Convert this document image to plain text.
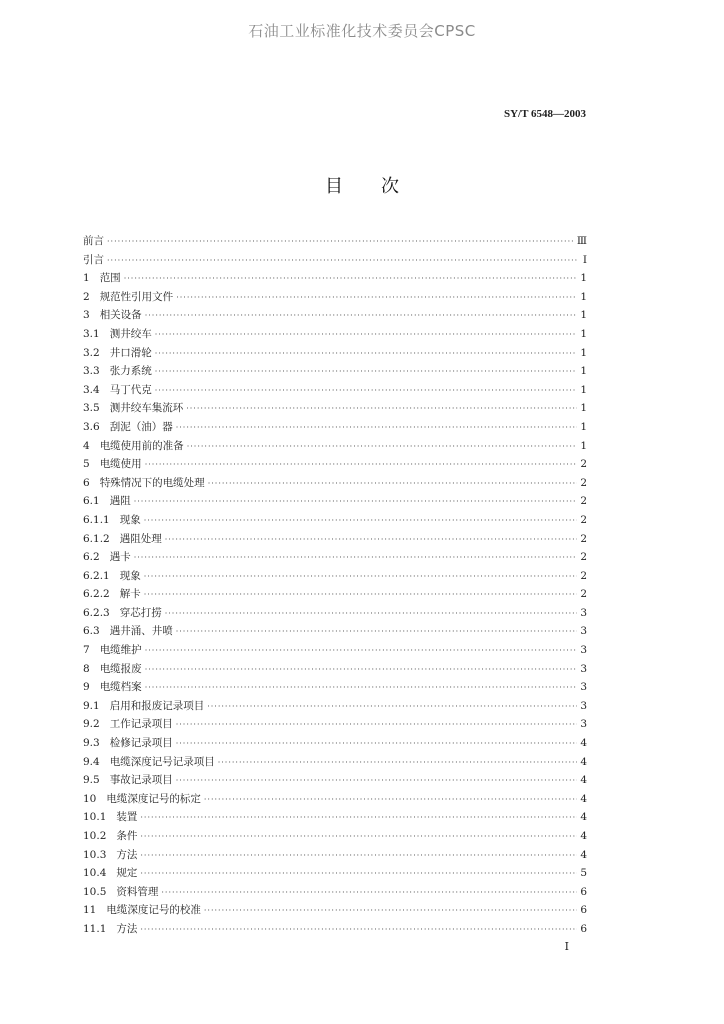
石油工业标准化技术委员会CPSC
SY/T 6548—2003
目 次
前言 ·····	Ⅲ
引言 ·····	Ⅰ
1 范围 ·····	1
2 规范性引用文件 ·····	1
3 相关设备 ·····	1
3.1 测井绞车 ·····	1
3.2 井口滑轮 ·····	1
3.3 张力系统 ·····	1
3.4 马丁代克 ·····	1
3.5 测井绞车集流环 ·····	1
3.6 刮泥（油）器 ·····	1
4 电缆使用前的准备 ·····	1
5 电缆使用 ·····	2
6 特殊情况下的电缆处理 ·····	2
6.1 遇阻 ·····	2
6.1.1 现象 ·····	2
6.1.2 遇阻处理 ·····	2
6.2 遇卡 ·····	2
6.2.1 现象 ·····	2
6.2.2 解卡 ·····	2
6.2.3 穿芯打捞 ·····	3
6.3 遇井涌、井喷 ·····	3
7 电缆维护 ·····	3
8 电缆报废 ·····	3
9 电缆档案 ·····	3
9.1 启用和报废记录项目 ·····	3
9.2 工作记录项目 ·····	3
9.3 检修记录项目 ·····	4
9.4 电缆深度记号记录项目 ·····	4
9.5 事故记录项目 ·····	4
10 电缆深度记号的标定 ·····	4
10.1 装置 ·····	4
10.2 条件 ·····	4
10.3 方法 ·····	4
10.4 规定 ·····	5
10.5 资料管理 ·····	6
11 电缆深度记号的校准 ·····	6
11.1 方法 ·····	6
Ⅰ
